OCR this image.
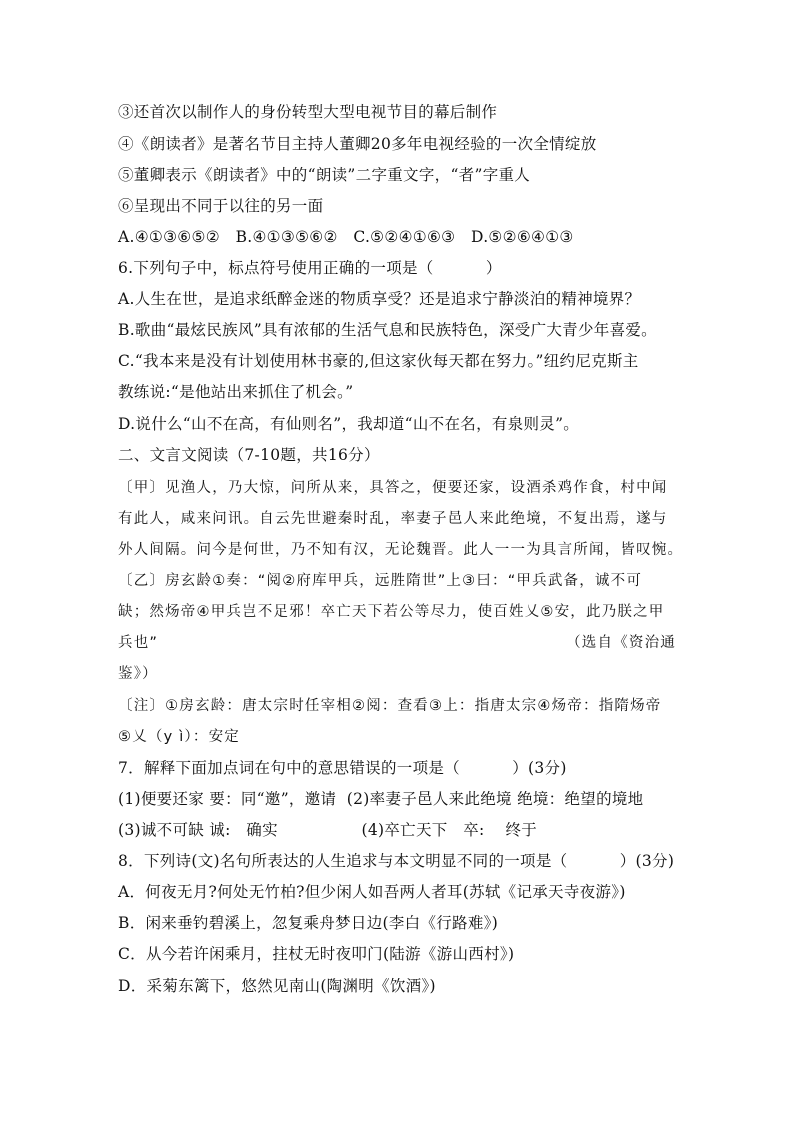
③还首次以制作人的身份转型大型电视节目的幕后制作
④《朗读者》是著名节目主持人董卿20多年电视经验的一次全情绽放
⑤董卿表示《朗读者》中的“朗读”二字重文字，“者”字重人
⑥呈现出不同于以往的另一面
A.④①③⑥⑤②   B.④①③⑤⑥②   C.⑤②④①⑥③   D.⑤②⑥④①③
6.下列句子中，标点符号使用正确的一项是（          ）
A.人生在世，是追求纸醉金迷的物质享受？还是追求宁静淡泊的精神境界？
B.歌曲“最炫民族风”具有浓郁的生活气息和民族特色，深受广大青少年喜爱。
C.“我本来是没有计划使用林书豪的,但这家伙每天都在努力。”纽约尼克斯主
教练说:“是他站出来抓住了机会。”
D.说什么“山不在高，有仙则名”，我却道“山不在名，有泉则灵”。
二、文言文阅读（7-10题，共16分）
〔甲〕见渔人，乃大惊，问所从来，具答之，便要还家，设酒杀鸡作食，村中闻
有此人，咸来问讯。自云先世避秦时乱，率妻子邑人来此绝境，不复出焉，遂与
外人间隔。问今是何世，乃不知有汉，无论魏晋。此人一一为具言所闻，皆叹惋。
〔乙〕房玄龄①奏：“阅②府库甲兵，远胜隋世”上③曰：“甲兵武备，诚不可
缺；然炀帝④甲兵岂不足邪！卒亡天下若公等尽力，使百姓乂⑤安，此乃朕之甲
兵也”	（选自《资治通
鉴》）
〔注〕①房玄龄：唐太宗时任宰相②阅：查看③上：指唐太宗④炀帝：指隋炀帝
⑤乂（y ì）：安定
7．解释下面加点词在句中的意思错误的一项是（          ）(3分)
(1)便要还家 要：同“邀”，邀请  (2)率妻子邑人来此绝境 绝境：绝望的境地
(3)诚不可缺 诚:   确实                (4)卒亡天下   卒:    终于
8．下列诗(文)名句所表达的人生追求与本文明显不同的一项是（          ）(3分)
A．何夜无月?何处无竹柏?但少闲人如吾两人者耳(苏轼《记承天寺夜游》)
B．闲来垂钓碧溪上，忽复乘舟梦日边(李白《行路难》)
C．从今若许闲乘月，拄杖无时夜叩门(陆游《游山西村》)
D．采菊东篱下，悠然见南山(陶渊明《饮酒》)
